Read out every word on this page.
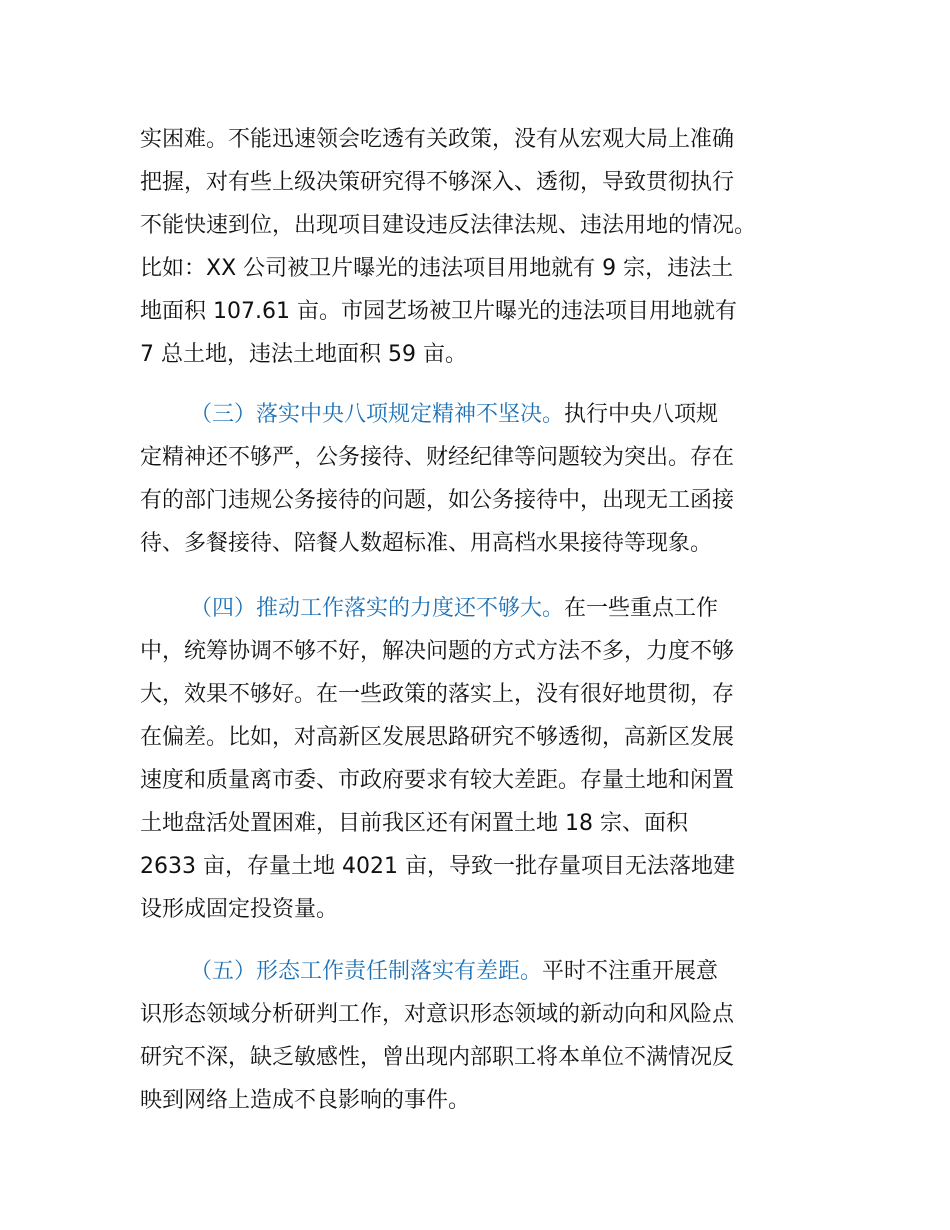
实困难。不能迅速领会吃透有关政策，没有从宏观大局上准确
把握，对有些上级决策研究得不够深入、透彻，导致贯彻执行
不能快速到位，出现项目建设违反法律法规、违法用地的情况。
比如：XX 公司被卫片曝光的违法项目用地就有 9 宗，违法土
地面积 107.61 亩。市园艺场被卫片曝光的违法项目用地就有
7 总土地，违法土地面积 59 亩。
（三）落实中央八项规定精神不坚决。执行中央八项规
定精神还不够严，公务接待、财经纪律等问题较为突出。存在
有的部门违规公务接待的问题，如公务接待中，出现无工函接
待、多餐接待、陪餐人数超标准、用高档水果接待等现象。
（四）推动工作落实的力度还不够大。在一些重点工作
中，统筹协调不够不好，解决问题的方式方法不多，力度不够
大，效果不够好。在一些政策的落实上，没有很好地贯彻，存
在偏差。比如，对高新区发展思路研究不够透彻，高新区发展
速度和质量离市委、市政府要求有较大差距。存量土地和闲置
土地盘活处置困难，目前我区还有闲置土地 18 宗、面积
2633 亩，存量土地 4021 亩，导致一批存量项目无法落地建
设形成固定投资量。
（五）形态工作责任制落实有差距。平时不注重开展意
识形态领域分析研判工作，对意识形态领域的新动向和风险点
研究不深，缺乏敏感性，曾出现内部职工将本单位不满情况反
映到网络上造成不良影响的事件。
